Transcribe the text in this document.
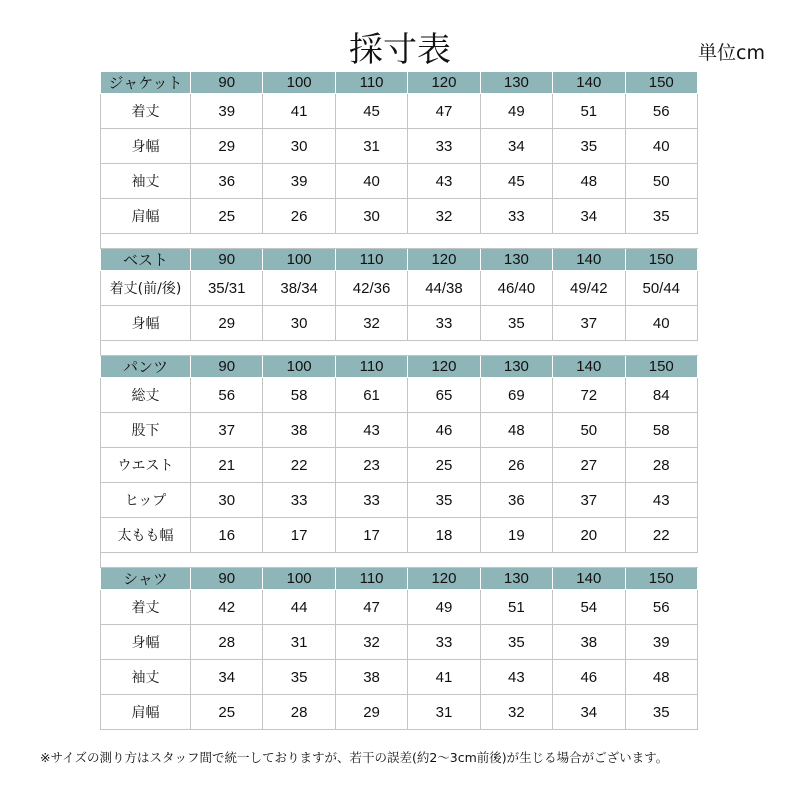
採寸表	単位cm
ジャケット	90	100	110	120	130	140	150
着丈	39	41	45	47	49	51	56
身幅	29	30	31	33	34	35	40
袖丈	36	39	40	43	45	48	50
肩幅	25	26	30	32	33	34	35

ベスト	90	100	110	120	130	140	150
着丈(前/後)	35/31	38/34	42/36	44/38	46/40	49/42	50/44
身幅	29	30	32	33	35	37	40

パンツ	90	100	110	120	130	140	150
総丈	56	58	61	65	69	72	84
股下	37	38	43	46	48	50	58
ウエスト	21	22	23	25	26	27	28
ヒップ	30	33	33	35	36	37	43
太もも幅	16	17	17	18	19	20	22

シャツ	90	100	110	120	130	140	150
着丈	42	44	47	49	51	54	56
身幅	28	31	32	33	35	38	39
袖丈	34	35	38	41	43	46	48
肩幅	25	28	29	31	32	34	35
※サイズの測り方はスタッフ間で統一しておりますが、若干の誤差(約2〜3cm前後)が生じる場合がございます。
